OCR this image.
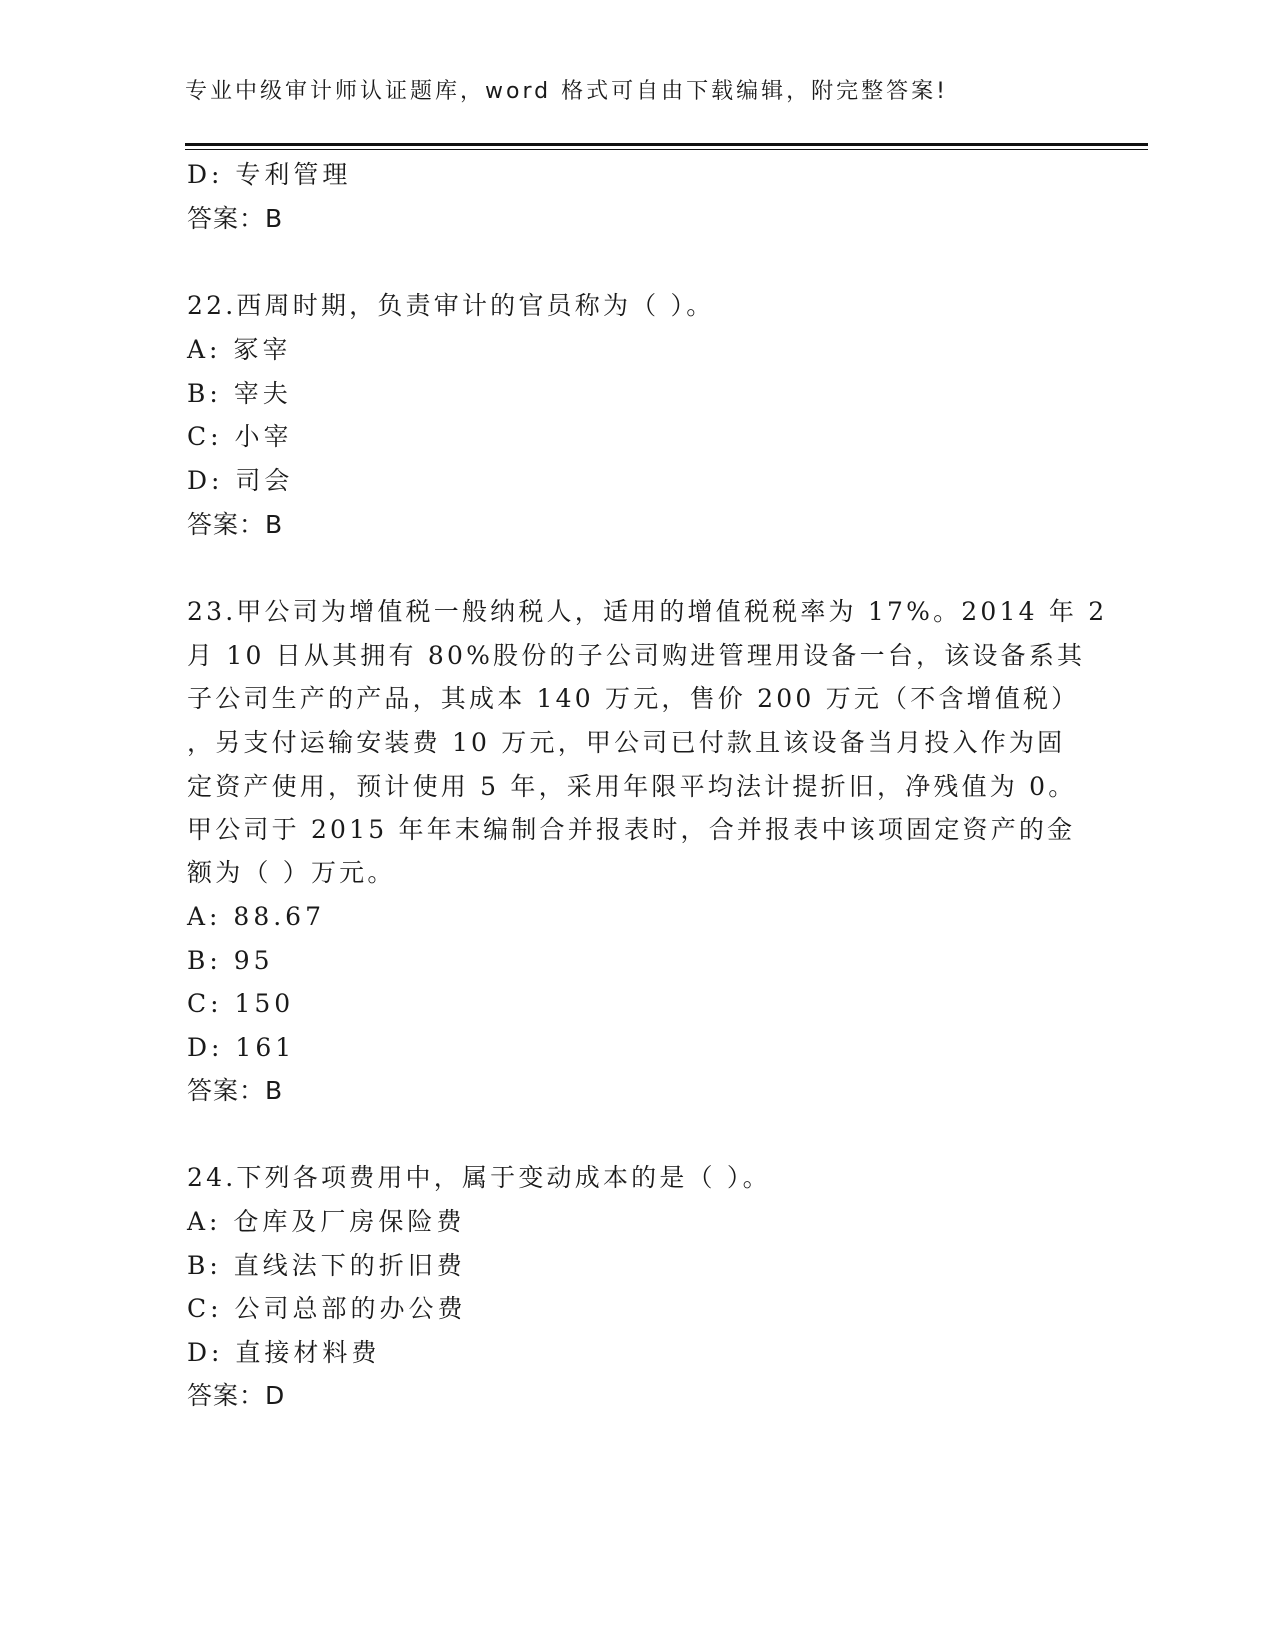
专业中级审计师认证题库，word 格式可自由下载编辑，附完整答案!
D: 专利管理
答案：B
22.西周时期，负责审计的官员称为（ ）。
A: 冢宰
B: 宰夫
C: 小宰
D: 司会
答案：B
23.甲公司为增值税一般纳税人，适用的增值税税率为 17%。2014 年 2
月 10 日从其拥有 80%股份的子公司购进管理用设备一台，该设备系其
子公司生产的产品，其成本 140 万元，售价 200 万元（不含增值税）
，另支付运输安装费 10 万元，甲公司已付款且该设备当月投入作为固
定资产使用，预计使用 5 年，采用年限平均法计提折旧，净残值为 0。
甲公司于 2015 年年末编制合并报表时，合并报表中该项固定资产的金
额为（ ）万元。
A: 88.67
B: 95
C: 150
D: 161
答案：B
24.下列各项费用中，属于变动成本的是（ ）。
A: 仓库及厂房保险费
B: 直线法下的折旧费
C: 公司总部的办公费
D: 直接材料费
答案：D
